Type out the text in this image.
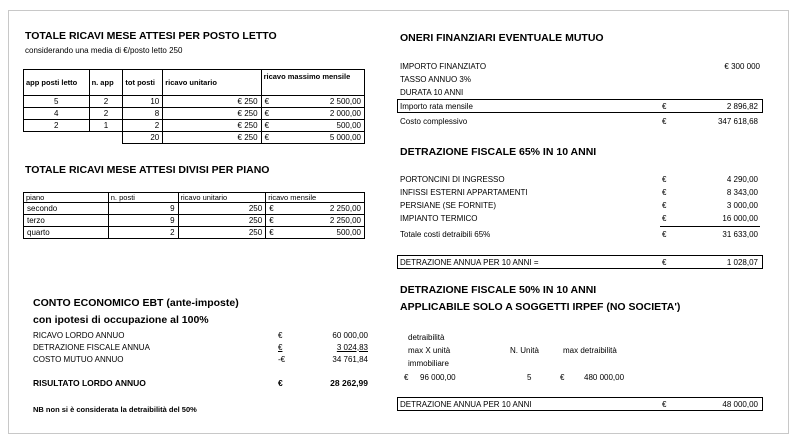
TOTALE RICAVI MESE ATTESI PER POSTO LETTO
considerando una media di €/posto letto 250
app posti letto	n. app	tot posti	ricavo unitario	ricavo massimo mensile	
5	2	10	€ 250	€	2 500,00
4	2	8	€ 250	€	2 000,00
2	1	2	€ 250	€	500,00
		20	€ 250	€	5 000,00
TOTALE RICAVI MESE ATTESI DIVISI PER PIANO
piano	n. posti	ricavo unitario	ricavo mensile	
secondo	9	250	€	2 250,00
terzo	9	250	€	2 250,00
quarto	2	250	€	500,00
CONTO ECONOMICO EBT (ante-imposte)
con ipotesi di occupazione al 100%
RICAVO LORDO ANNUO	€	60 000,00
DETRAZIONE FISCALE ANNUA	€	3 024,83
COSTO MUTUO ANNUO	-€	34 761,84
RISULTATO LORDO ANNUO	€	28 262,99
NB non si è considerata la detraibilità del 50%
ONERI FINANZIARI EVENTUALE MUTUO
IMPORTO FINANZIATO	€ 300 000
TASSO ANNUO 3%
DURATA 10 ANNI
Importo rata mensile	€	2 896,82
Costo complessivo	€	347 618,68
DETRAZIONE FISCALE 65% IN 10 ANNI
PORTONCINI DI INGRESSO	€	4 290,00
INFISSI ESTERNI APPARTAMENTI	€	8 343,00
PERSIANE (SE FORNITE)	€	3 000,00
IMPIANTO TERMICO	€	16 000,00
Totale costi detraibili 65%	€	31 633,00
DETRAZIONE ANNUA PER 10 ANNI =	€	1 028,07
DETRAZIONE FISCALE 50% IN 10 ANNI
APPLICABILE SOLO A SOGGETTI IRPEF (NO SOCIETA')
detraibilità
max X unità
immobiliare
N. Unità	max detraibilità
€ 96 000,00	5	€ 480 000,00
DETRAZIONE ANNUA PER 10 ANNI	€	48 000,00
